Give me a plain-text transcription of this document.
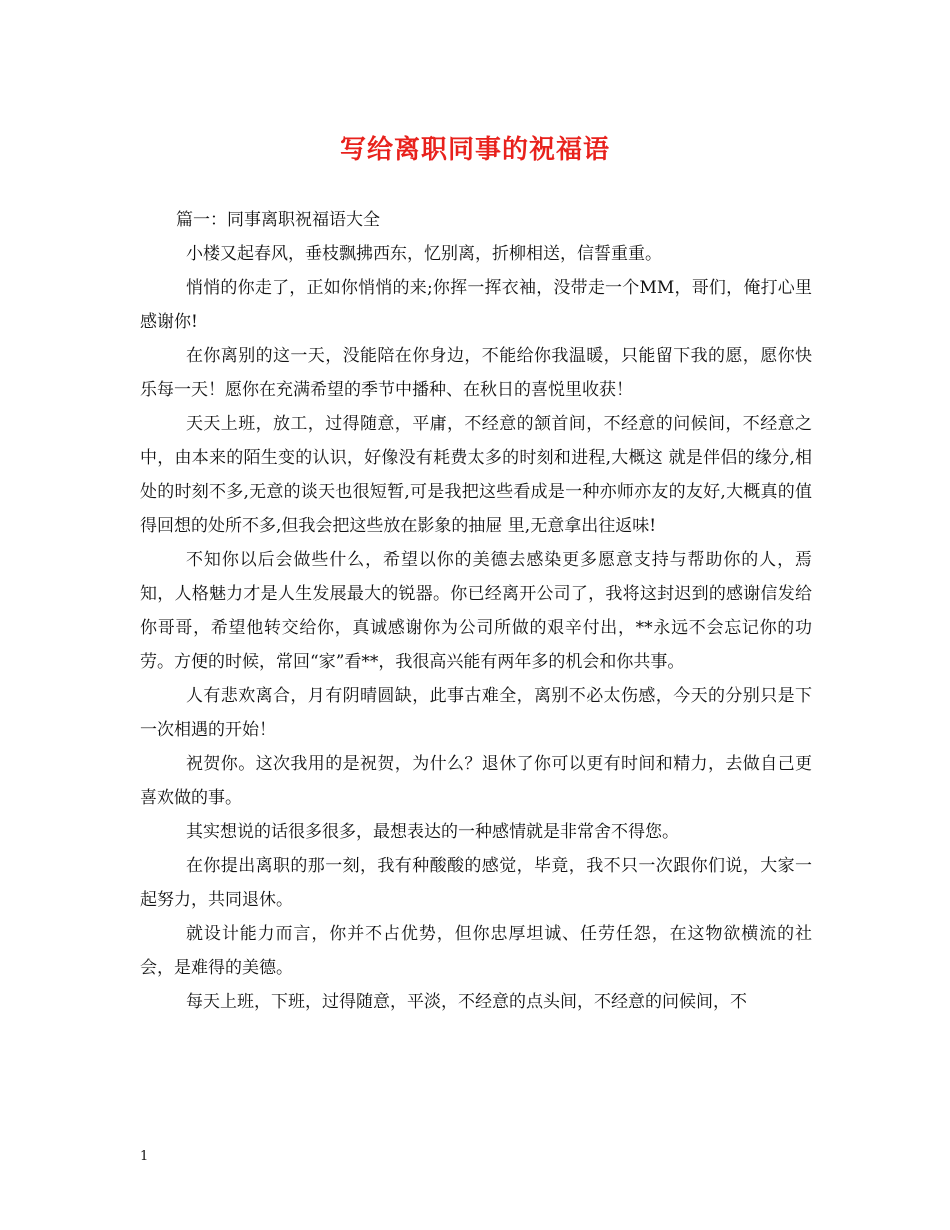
写给离职同事的祝福语

篇一：同事离职祝福语大全

小楼又起春风，垂枝飘拂西东，忆别离，折柳相送，信誓重重。

悄悄的你走了，正如你悄悄的来;你挥一挥衣袖，没带走一个MM，哥们，俺打心里感谢你!

在你离别的这一天，没能陪在你身边，不能给你我温暖，只能留下我的愿，愿你快乐每一天！愿你在充满希望的季节中播种、在秋日的喜悦里收获！

天天上班，放工，过得随意，平庸，不经意的颔首间，不经意的问候间，不经意之中，由本来的陌生变的认识，好像没有耗费太多的时刻和进程,大概这 就是伴侣的缘分,相处的时刻不多,无意的谈天也很短暂,可是我把这些看成是一种亦师亦友的友好,大概真的值得回想的处所不多,但我会把这些放在影象的抽屉 里,无意拿出往返味!

不知你以后会做些什么，希望以你的美德去感染更多愿意支持与帮助你的人，焉知，人格魅力才是人生发展最大的锐器。你已经离开公司了，我将这封迟到的感谢信发给你哥哥，希望他转交给你，真诚感谢你为公司所做的艰辛付出，**永远不会忘记你的功劳。方便的时候，常回“家”看**，我很高兴能有两年多的机会和你共事。

人有悲欢离合，月有阴晴圆缺，此事古难全，离别不必太伤感，今天的分别只是下一次相遇的开始！

祝贺你。这次我用的是祝贺，为什么？退休了你可以更有时间和精力，去做自己更喜欢做的事。

其实想说的话很多很多，最想表达的一种感情就是非常舍不得您。

在你提出离职的那一刻，我有种酸酸的感觉，毕竟，我不只一次跟你们说，大家一起努力，共同退休。

就设计能力而言，你并不占优势，但你忠厚坦诚、任劳任怨，在这物欲横流的社会，是难得的美德。

每天上班，下班，过得随意，平淡，不经意的点头间，不经意的问候间，不

1
